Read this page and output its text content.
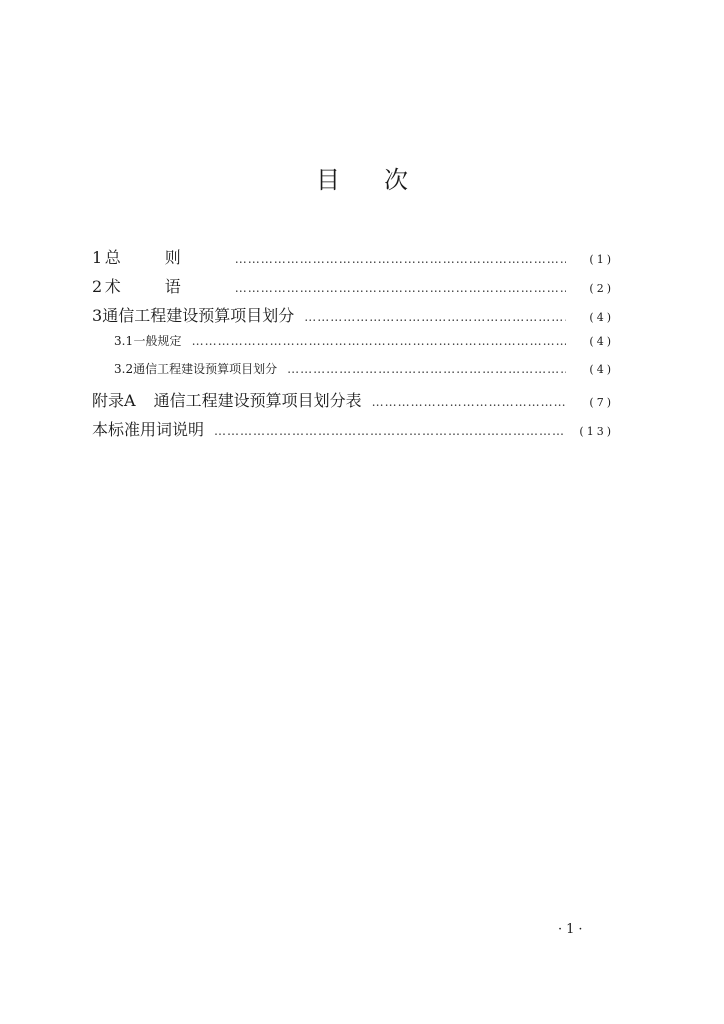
目 次
1 总则 ……………………………………………………………………………………………………………………………………………………	(1)
2 术语 ……………………………………………………………………………………………………………………………………………………	(2)
3 通信工程建设预算项目划分 ……………………………………………………………………………………………………………………………………………………	(4)
3.1 一般规定 ……………………………………………………………………………………………………………………………………………………	(4)
3.2 通信工程建设预算项目划分 ……………………………………………………………………………………………………………………………………………………	(4)
附录A 通信工程建设预算项目划分表 ……………………………………………………………………………………………………………………………………………………	(7)
本标准用词说明 ……………………………………………………………………………………………………………………………………………………	(13)
·1·
